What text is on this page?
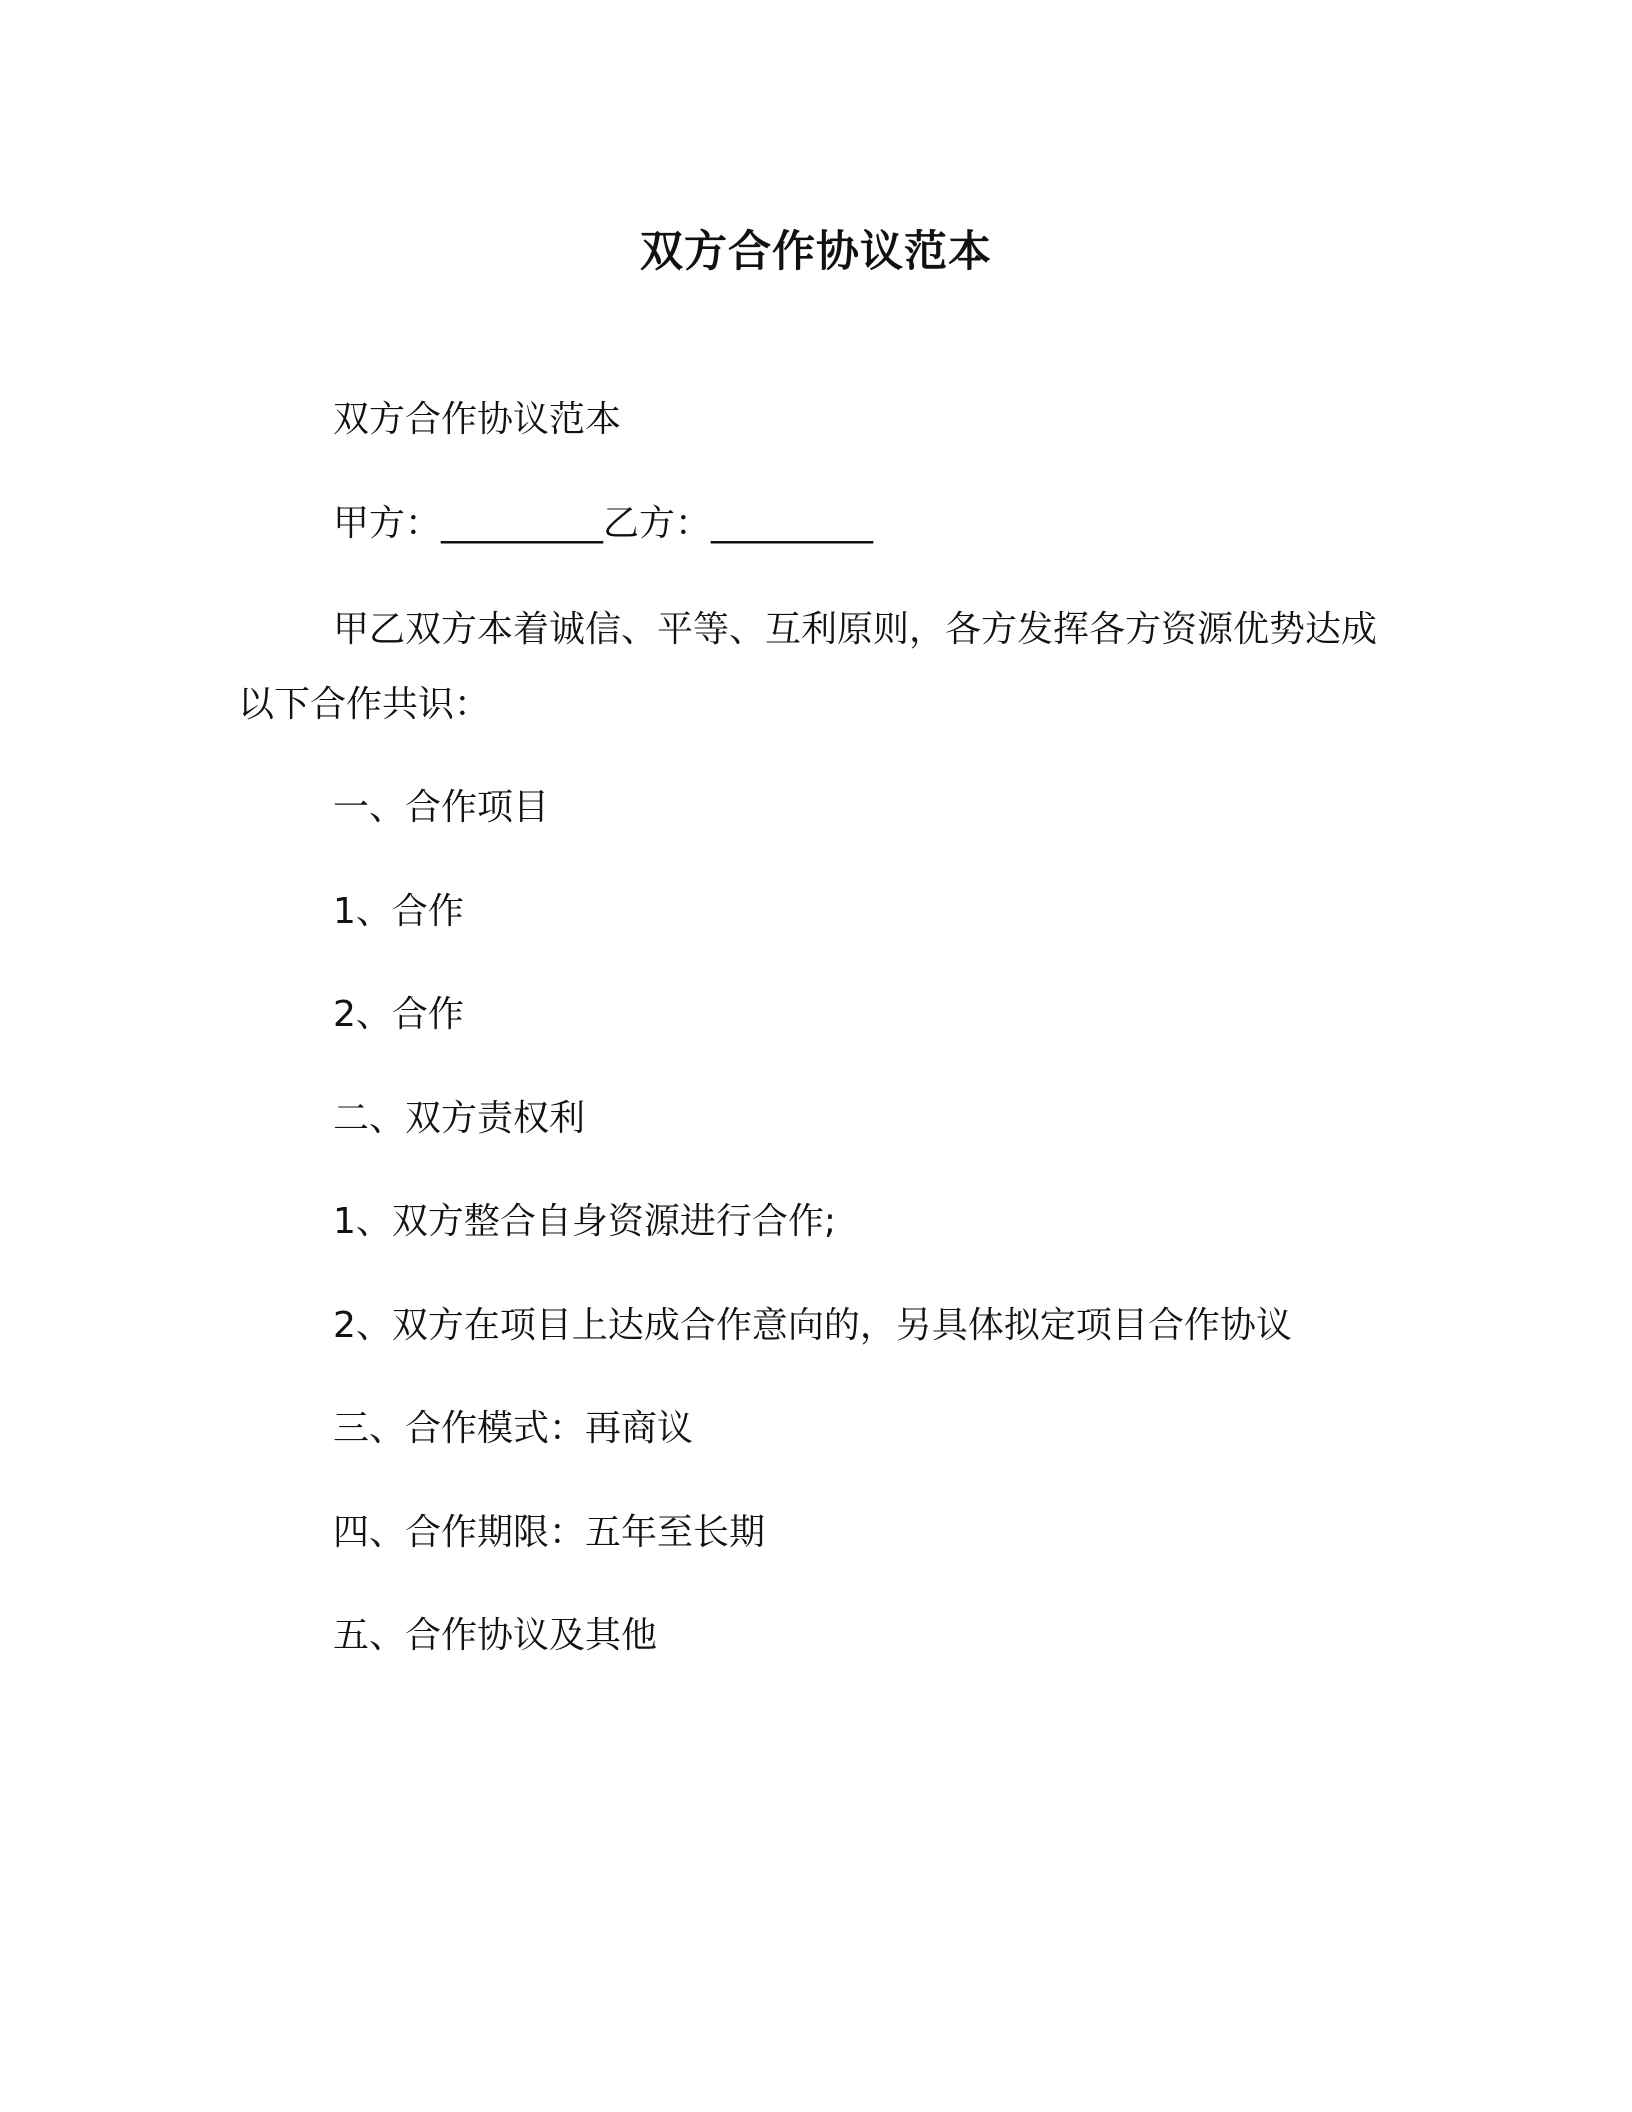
双方合作协议范本
双方合作协议范本
甲方：_________乙方：_________
甲乙双方本着诚信、平等、互利原则，各方发挥各方资源优势达成以下合作共识：
一、合作项目
1、合作
2、合作
二、双方责权利
1、双方整合自身资源进行合作;
2、双方在项目上达成合作意向的，另具体拟定项目合作协议
三、合作模式：再商议
四、合作期限：五年至长期
五、合作协议及其他
